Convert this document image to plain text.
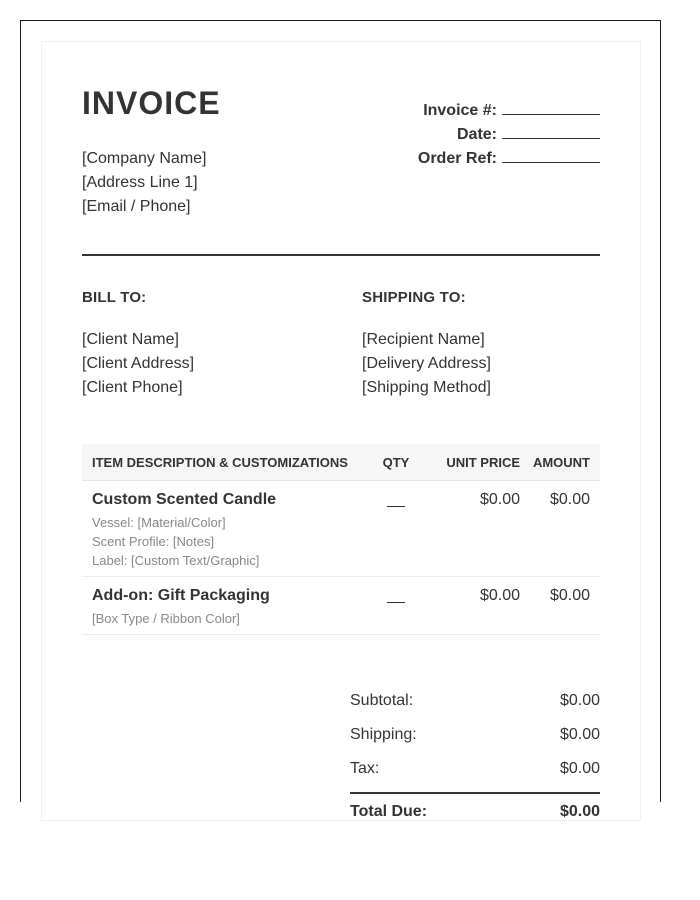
INVOICE
[Company Name]
[Address Line 1]
[Email / Phone]
Invoice #:
Date:
Order Ref:
BILL TO:
[Client Name]
[Client Address]
[Client Phone]
SHIPPING TO:
[Recipient Name]
[Delivery Address]
[Shipping Method]
ITEM DESCRIPTION & CUSTOMIZATIONS	QTY	UNIT PRICE AMOUNT
Custom Scented Candle
Vessel: [Material/Color]
Scent Profile: [Notes]
Label: [Custom Text/Graphic]
__	$0.00	$0.00
Add-on: Gift Packaging
[Box Type / Ribbon Color]
__	$0.00	$0.00
Subtotal:	$0.00
Shipping:	$0.00
Tax:	$0.00
Total Due:	$0.00
